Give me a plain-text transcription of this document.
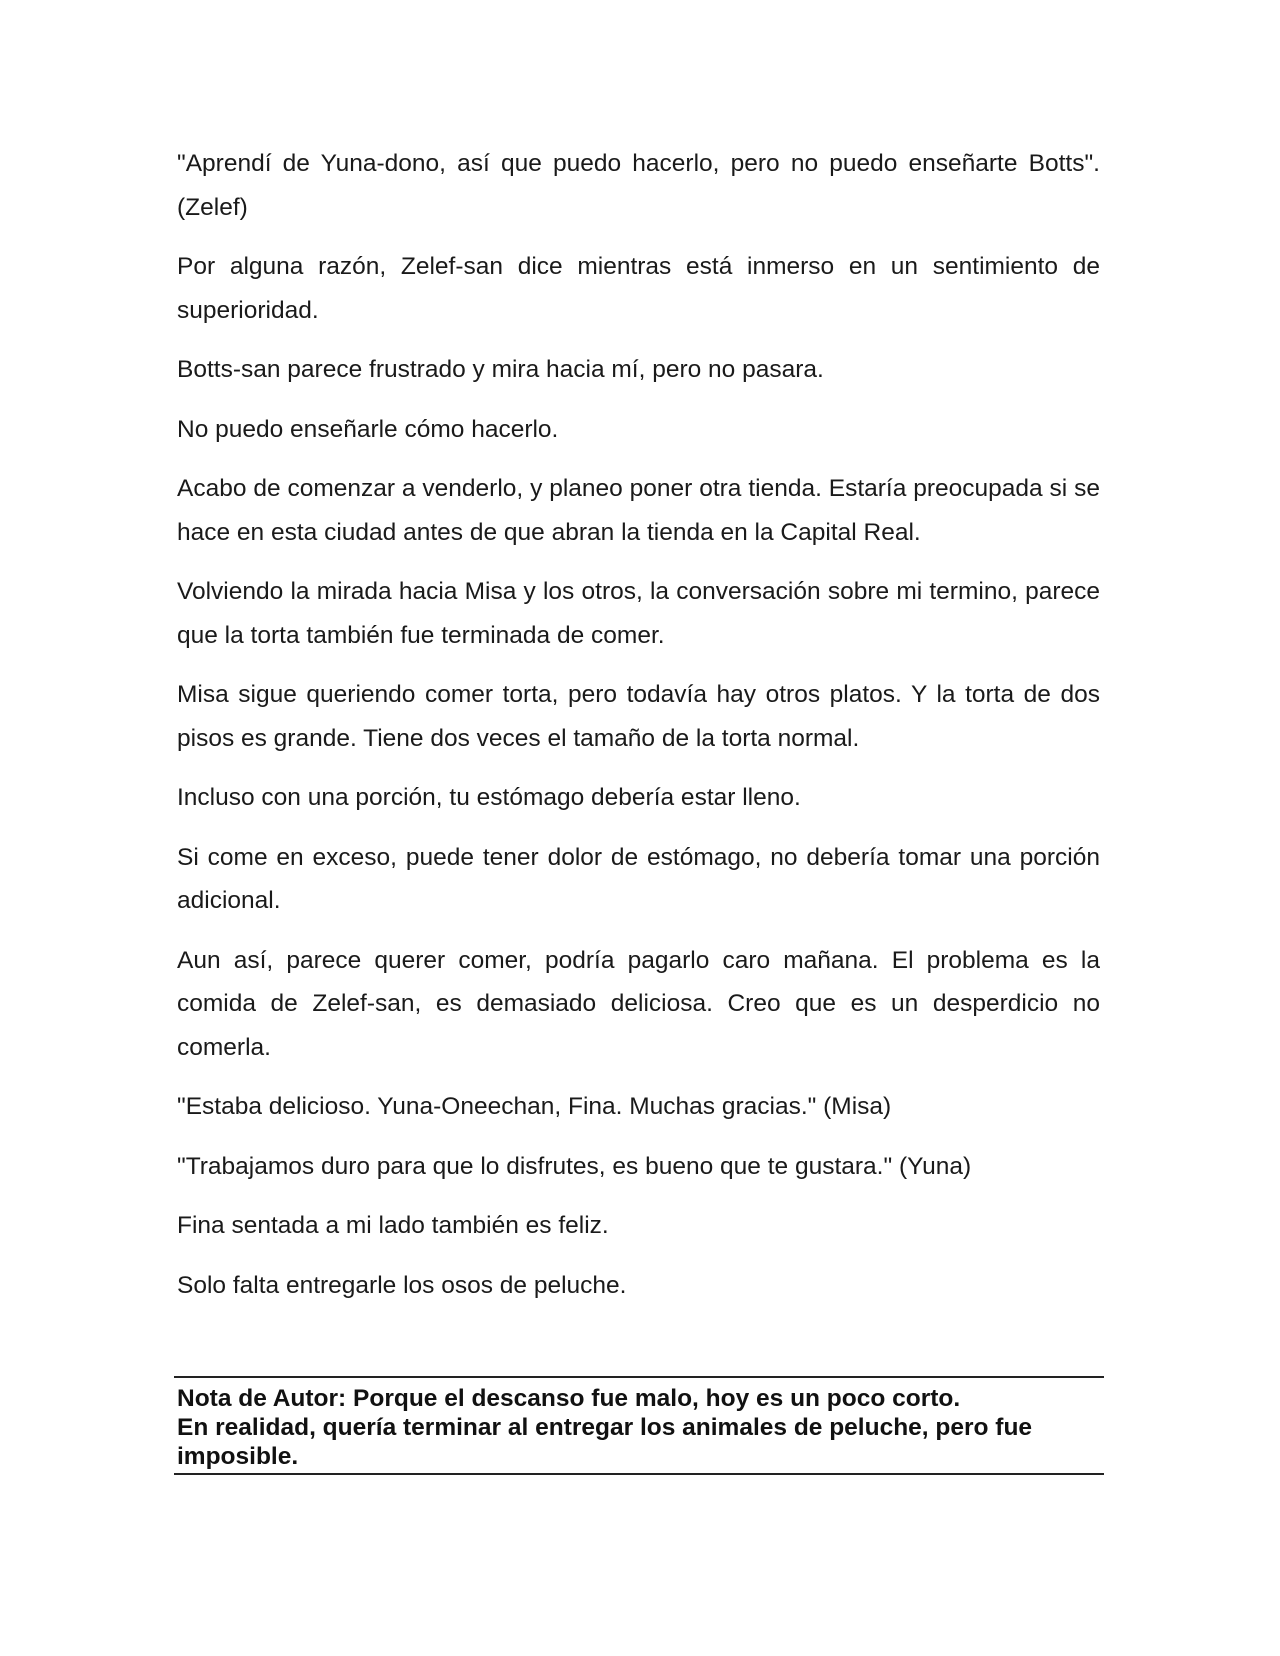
"Aprendí de Yuna-dono, así que puedo hacerlo, pero no puedo enseñarte Botts". (Zelef)

Por alguna razón, Zelef-san dice mientras está inmerso en un sentimiento de superioridad.

Botts-san parece frustrado y mira hacia mí, pero no pasara.

No puedo enseñarle cómo hacerlo.

Acabo de comenzar a venderlo, y planeo poner otra tienda. Estaría preocupada si se hace en esta ciudad antes de que abran la tienda en la Capital Real.

Volviendo la mirada hacia Misa y los otros, la conversación sobre mi termino, parece que la torta también fue terminada de comer.

Misa sigue queriendo comer torta, pero todavía hay otros platos. Y la torta de dos pisos es grande. Tiene dos veces el tamaño de la torta normal.

Incluso con una porción, tu estómago debería estar lleno.

Si come en exceso, puede tener dolor de estómago, no debería tomar una porción adicional.

Aun así, parece querer comer, podría pagarlo caro mañana. El problema es la comida de Zelef-san, es demasiado deliciosa. Creo que es un desperdicio no comerla.

"Estaba delicioso. Yuna-Oneechan, Fina. Muchas gracias." (Misa)

"Trabajamos duro para que lo disfrutes, es bueno que te gustara." (Yuna)

Fina sentada a mi lado también es feliz.

Solo falta entregarle los osos de peluche.

Nota de Autor: Porque el descanso fue malo, hoy es un poco corto.

En realidad, quería terminar al entregar los animales de peluche, pero fue imposible.
